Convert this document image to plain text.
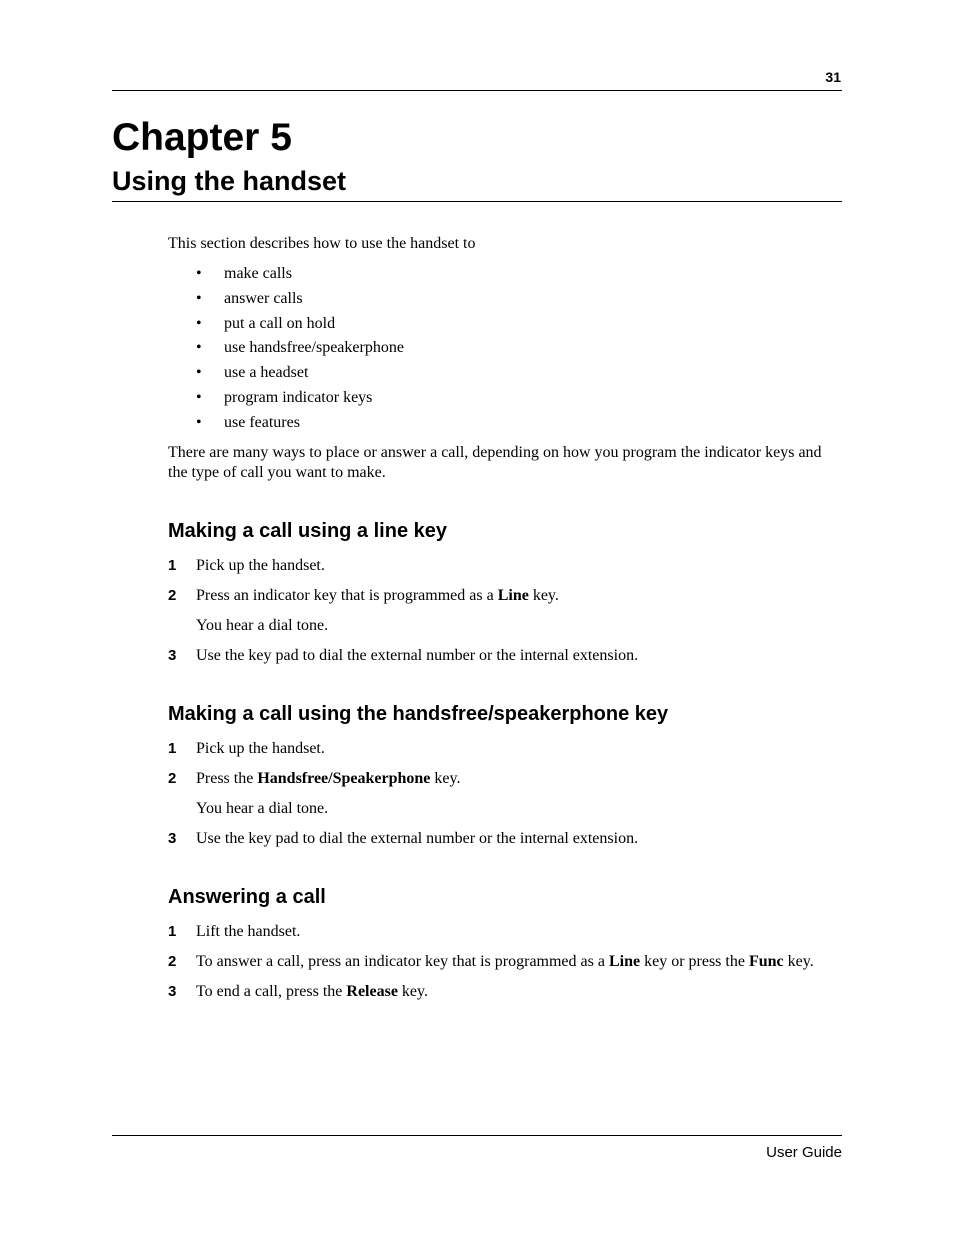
31
Chapter 5
Using the handset

This section describes how to use the handset to

• make calls
• answer calls
• put a call on hold
• use handsfree/speakerphone
• use a headset
• program indicator keys
• use features

There are many ways to place or answer a call, depending on how you program the indicator keys and the type of call you want to make.

Making a call using a line key
1 Pick up the handset.
2 Press an indicator key that is programmed as a Line key.
You hear a dial tone.
3 Use the key pad to dial the external number or the internal extension.
Making a call using the handsfree/speakerphone key
1 Pick up the handset.
2 Press the Handsfree/Speakerphone key.
You hear a dial tone.
3 Use the key pad to dial the external number or the internal extension.
Answering a call
1 Lift the handset.
2 To answer a call, press an indicator key that is programmed as a Line key or press the Func key.
3 To end a call, press the Release key.
User Guide
